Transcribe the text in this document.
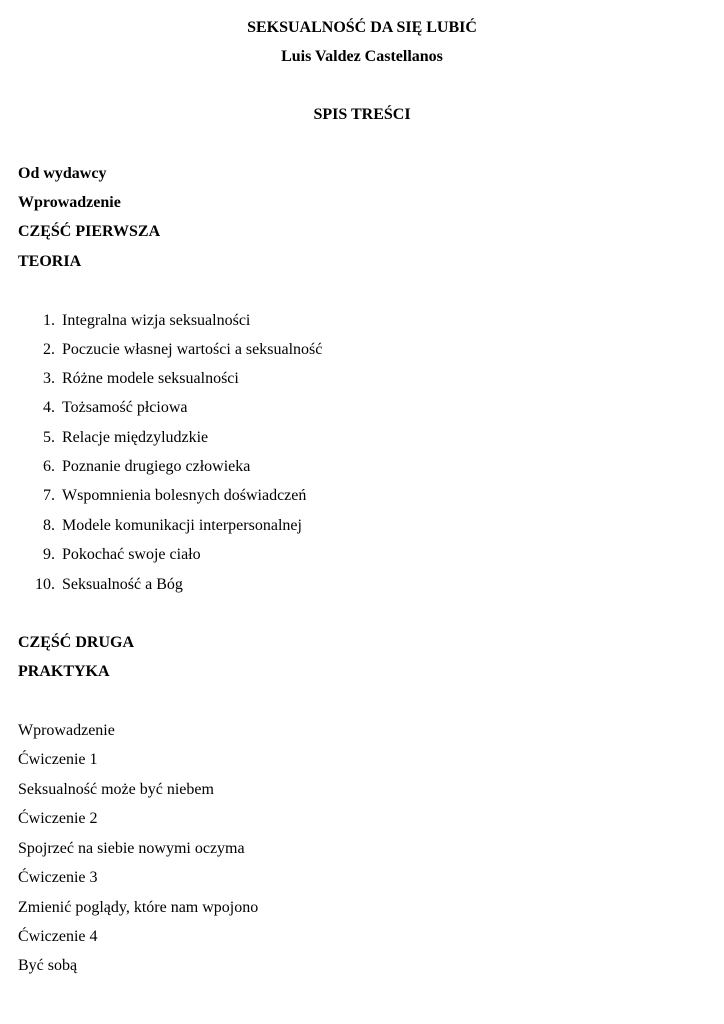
SEKSUALNOŚĆ DA SIĘ LUBIĆ
Luis Valdez Castellanos
SPIS TREŚCI
Od wydawcy
Wprowadzenie
CZĘŚĆ PIERWSZA
TEORIA
1. Integralna wizja seksualności
2. Poczucie własnej wartości a seksualność
3. Różne modele seksualności
4. Tożsamość płciowa
5. Relacje międzyludzkie
6. Poznanie drugiego człowieka
7. Wspomnienia bolesnych doświadczeń
8. Modele komunikacji interpersonalnej
9. Pokochać swoje ciało
10. Seksualność a Bóg
CZĘŚĆ DRUGA
PRAKTYKA
Wprowadzenie
Ćwiczenie 1
Seksualność może być niebem
Ćwiczenie 2
Spojrzeć na siebie nowymi oczyma
Ćwiczenie 3
Zmienić poglądy, które nam wpojono
Ćwiczenie 4
Być sobą
